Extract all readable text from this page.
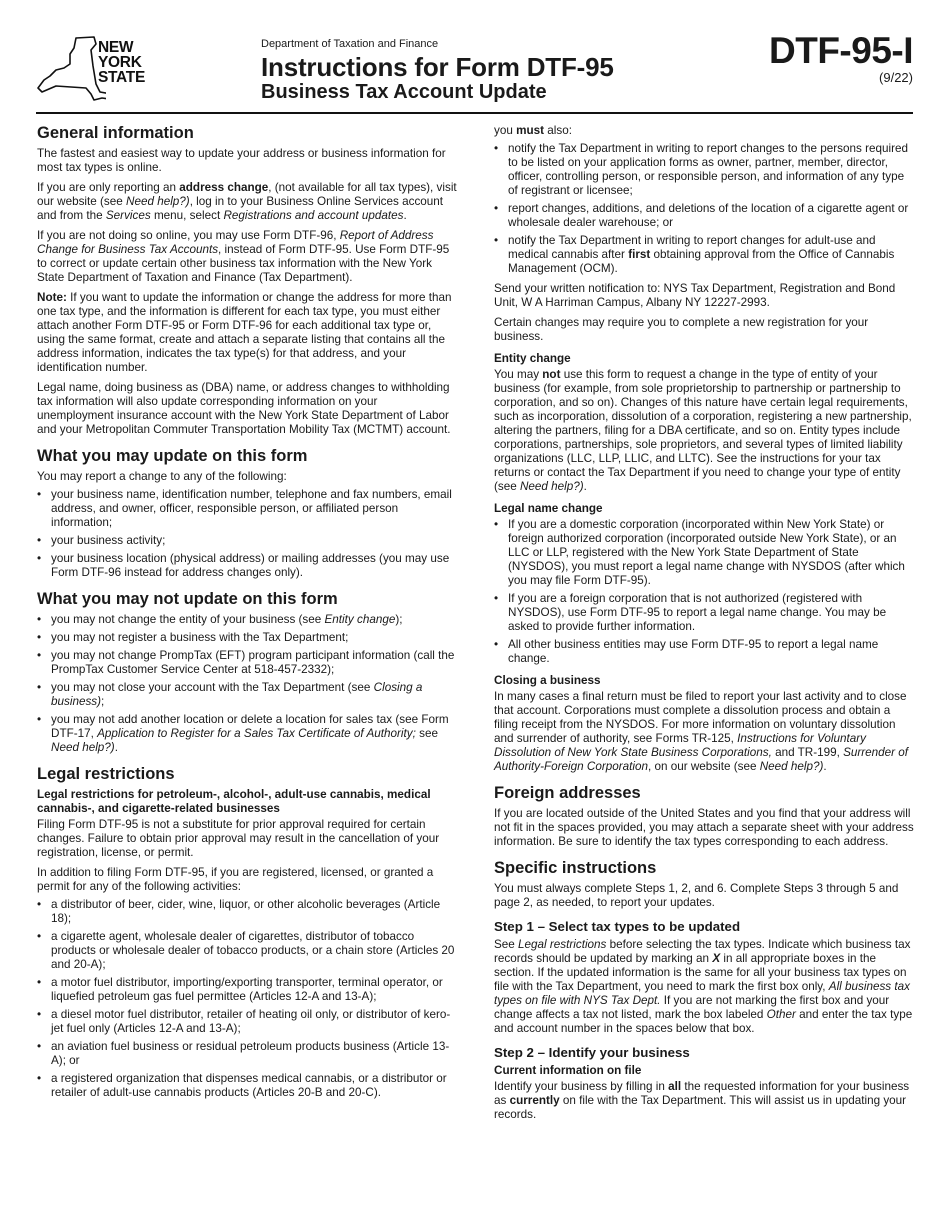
NEW
YORK
STATE
Department of Taxation and Finance
Instructions for Form DTF-95
Business Tax Account Update
DTF-95-I
(9/22)
General information

The fastest and easiest way to update your address or business information for most tax types is online.

If you are only reporting an address change, (not available for all tax types), visit our website (see Need help?), log in to your Business Online Services account and from the Services menu, select Registrations and account updates.

If you are not doing so online, you may use Form DTF-96, Report of Address Change for Business Tax Accounts, instead of Form DTF-95. Use Form DTF-95 to correct or update certain other business tax information with the New York State Department of Taxation and Finance (Tax Department).

Note: If you want to update the information or change the address for more than one tax type, and the information is different for each tax type, you must either attach another Form DTF-95 or Form DTF-96 for each additional tax type or, using the same format, create and attach a separate listing that contains all the address information, indicates the tax type(s) for that address, and your identification number.

Legal name, doing business as (DBA) name, or address changes to withholding tax information will also update corresponding information on your unemployment insurance account with the New York State Department of Labor and your Metropolitan Commuter Transportation Mobility Tax (MCTMT) account.

What you may update on this form

You may report a change to any of the following:

• your business name, identification number, telephone and fax numbers, email address, and owner, officer, responsible person, or affiliated person information;
• your business activity;
• your business location (physical address) or mailing addresses (you may use Form DTF-96 instead for address changes only).
What you may not update on this form
• you may not change the entity of your business (see Entity change);
• you may not register a business with the Tax Department;
• you may not change PrompTax (EFT) program participant information (call the PrompTax Customer Service Center at 518-457-2332);
• you may not close your account with the Tax Department (see Closing a business);
• you may not add another location or delete a location for sales tax (see Form DTF-17, Application to Register for a Sales Tax Certificate of Authority; see Need help?).
Legal restrictions
Legal restrictions for petroleum-, alcohol-, adult-use cannabis, medical cannabis-, and cigarette-related businesses

Filing Form DTF-95 is not a substitute for prior approval required for certain changes. Failure to obtain prior approval may result in the cancellation of your registration, license, or permit.

In addition to filing Form DTF-95, if you are registered, licensed, or granted a permit for any of the following activities:

• a distributor of beer, cider, wine, liquor, or other alcoholic beverages (Article 18);
• a cigarette agent, wholesale dealer of cigarettes, distributor of tobacco products or wholesale dealer of tobacco products, or a chain store (Articles 20 and 20-A);
• a motor fuel distributor, importing/exporting transporter, terminal operator, or liquefied petroleum gas fuel permittee (Articles 12-A and 13-A);
• a diesel motor fuel distributor, retailer of heating oil only, or distributor of kero-jet fuel only (Articles 12-A and 13-A);
• an aviation fuel business or residual petroleum products business (Article 13-A); or
• a registered organization that dispenses medical cannabis, or a distributor or retailer of adult-use cannabis products (Articles 20-B and 20-C).

you must also:

• notify the Tax Department in writing to report changes to the persons required to be listed on your application forms as owner, partner, member, director, officer, controlling person, or responsible person, and information of any type of registrant or licensee;
• report changes, additions, and deletions of the location of a cigarette agent or wholesale dealer warehouse; or
• notify the Tax Department in writing to report changes for adult-use and medical cannabis after first obtaining approval from the Office of Cannabis Management (OCM).

Send your written notification to: NYS Tax Department, Registration and Bond Unit, W A Harriman Campus, Albany NY 12227-2993.

Certain changes may require you to complete a new registration for your business.

Entity change

You may not use this form to request a change in the type of entity of your business (for example, from sole proprietorship to partnership or partnership to corporation, and so on). Changes of this nature have certain legal requirements, such as incorporation, dissolution of a corporation, registering a new partnership, altering the partners, filing for a DBA certificate, and so on. Entity types include corporations, partnerships, sole proprietors, and several types of limited liability organizations (LLC, LLP, LLIC, and LLTC). See the instructions for your tax returns or contact the Tax Department if you need to change your type of entity (see Need help?).

Legal name change
• If you are a domestic corporation (incorporated within New York State) or foreign authorized corporation (incorporated outside New York State), or an LLC or LLP, registered with the New York State Department of State (NYSDOS), you must report a legal name change with NYSDOS (after which you may file Form DTF-95).
• If you are a foreign corporation that is not authorized (registered with NYSDOS), use Form DTF-95 to report a legal name change. You may be asked to provide further information.
• All other business entities may use Form DTF-95 to report a legal name change.
Closing a business

In many cases a final return must be filed to report your last activity and to close that account. Corporations must complete a dissolution process and obtain a filing receipt from the NYSDOS. For more information on voluntary dissolution and surrender of authority, see Forms TR-125, Instructions for Voluntary Dissolution of New York State Business Corporations, and TR-199, Surrender of Authority-Foreign Corporation, on our website (see Need help?).

Foreign addresses

If you are located outside of the United States and you find that your address will not fit in the spaces provided, you may attach a separate sheet with your address information. Be sure to identify the tax types corresponding to each address.

Specific instructions

You must always complete Steps 1, 2, and 6. Complete Steps 3 through 5 and page 2, as needed, to report your updates.

Step 1 – Select tax types to be updated

See Legal restrictions before selecting the tax types. Indicate which business tax records should be updated by marking an X in all appropriate boxes in the section. If the updated information is the same for all your business tax types on file with the Tax Department, you need to mark the first box only, All business tax types on file with NYS Tax Dept. If you are not marking the first box and your change affects a tax not listed, mark the box labeled Other and enter the tax type and account number in the spaces below that box.

Step 2 – Identify your business
Current information on file

Identify your business by filling in all the requested information for your business as currently on file with the Tax Department. This will assist us in updating your records.
